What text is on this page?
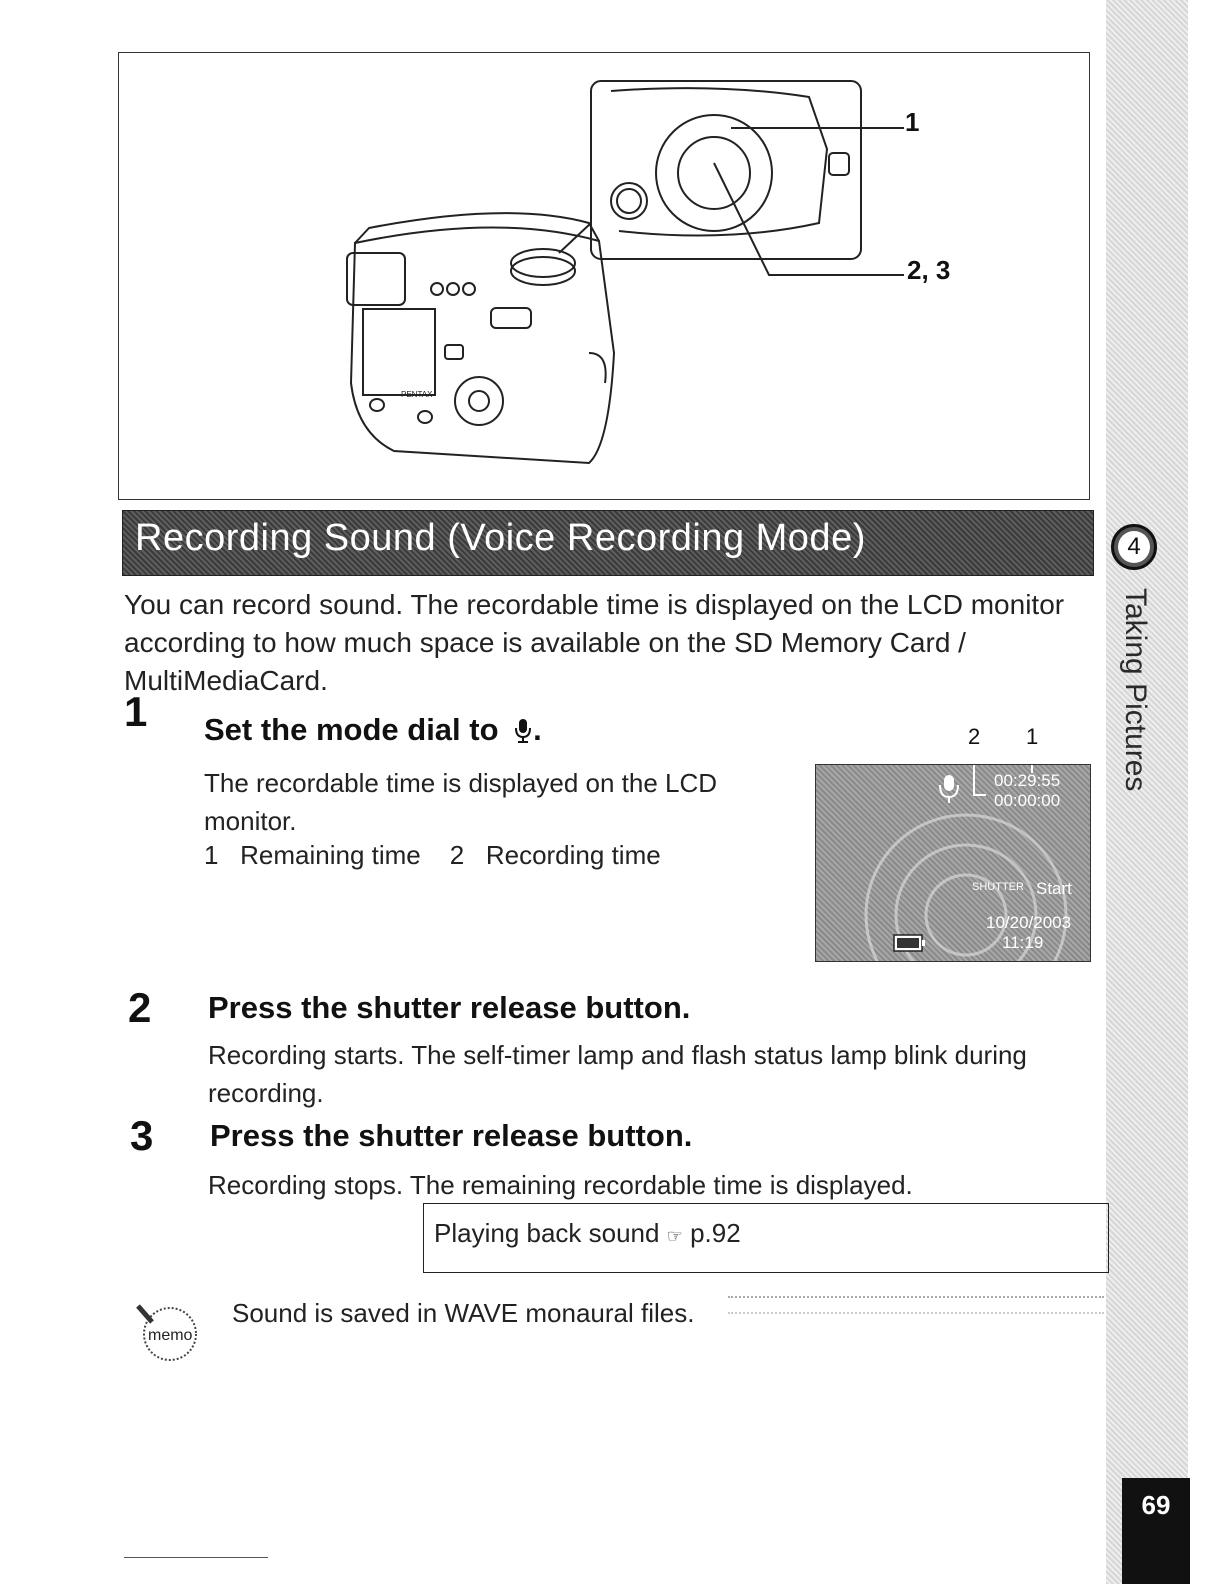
PENTAX
1
2, 3
Recording Sound (Voice Recording Mode)	4
Taking Pictures
69
You can record sound. The recordable time is displayed on the LCD monitor according to how much space is available on the SD Memory Card / MultiMediaCard.
1 Set the mode dial to .
The recordable time is displayed on the LCD monitor.
1 Remaining time 2 Recording time
2 1
00:29:55
00:00:00
SHUTTER Start
10/20/2003
11:19
2 Press the shutter release button.
Recording starts. The self-timer lamp and flash status lamp blink during recording.
3 Press the shutter release button.
Recording stops. The remaining recordable time is displayed.
Playing back sound ☞ p.92
memo
Sound is saved in WAVE monaural files.
